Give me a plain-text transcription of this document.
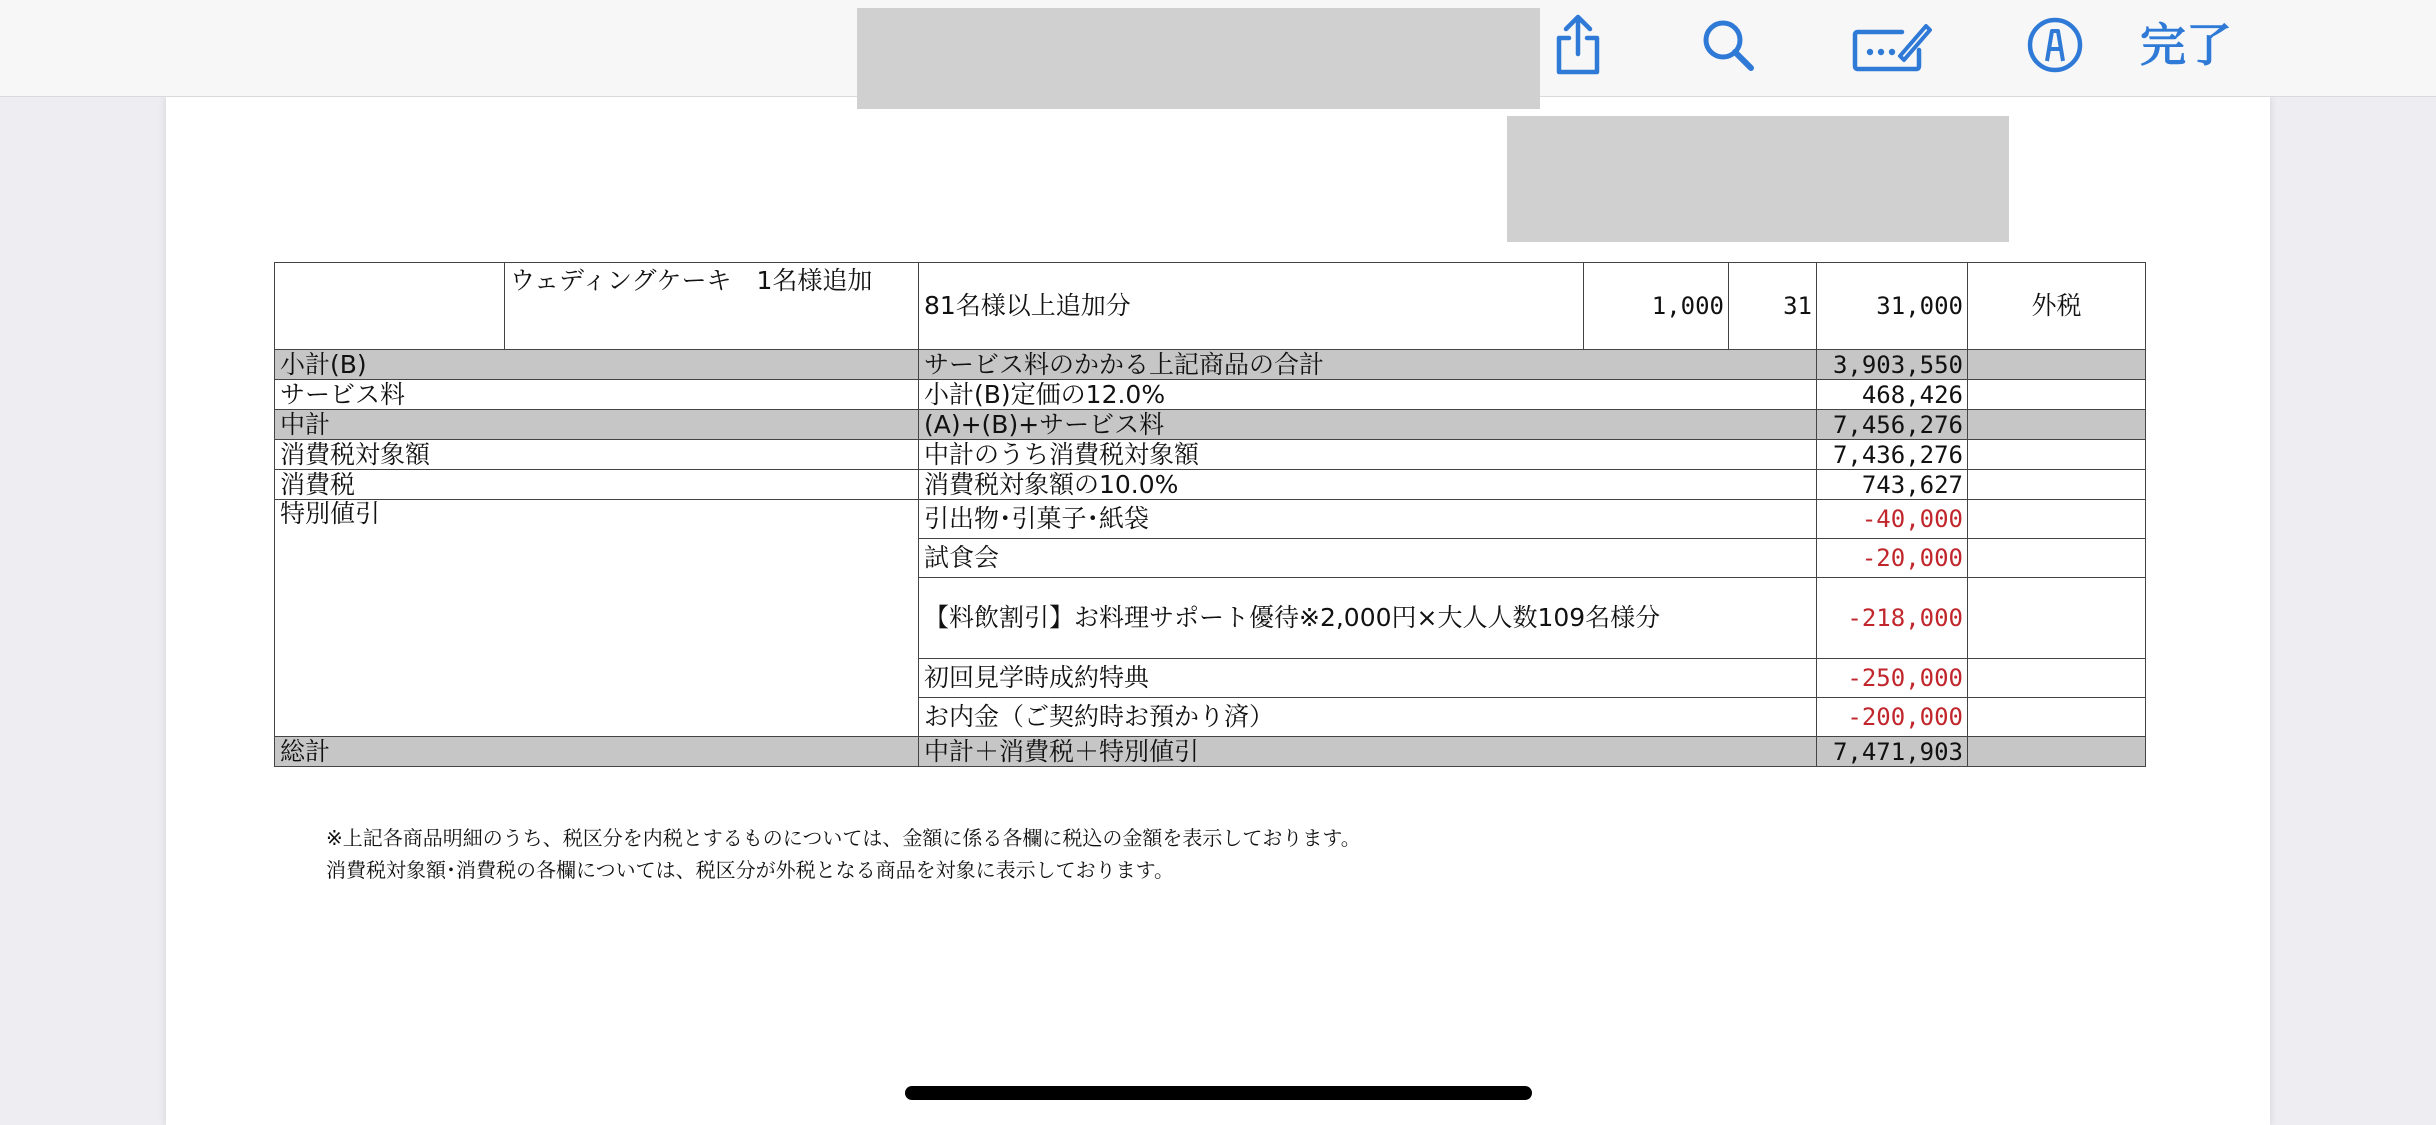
完了
	ウェディングケーキ　1名様追加	81名様以上追加分	1,000	31	31,000	外税
小計(B)		サービス料のかかる上記商品の合計			3,903,550	
サービス料		小計(B)定価の12.0%			468,426	
中計		(A)+(B)+サービス料			7,456,276	
消費税対象額		中計のうち消費税対象額			7,436,276	
消費税		消費税対象額の10.0%			743,627	
特別値引		引出物･引菓子･紙袋			-40,000	
		試食会			-20,000	
		【料飲割引】お料理サポート優待※2,000円×大人人数109名様分			-218,000	
		初回見学時成約特典			-250,000	
		お内金（ご契約時お預かり済）			-200,000	
総計		中計＋消費税＋特別値引			7,471,903	
※上記各商品明細のうち、税区分を内税とするものについては、金額に係る各欄に税込の金額を表示しております。
消費税対象額･消費税の各欄については、税区分が外税となる商品を対象に表示しております。
